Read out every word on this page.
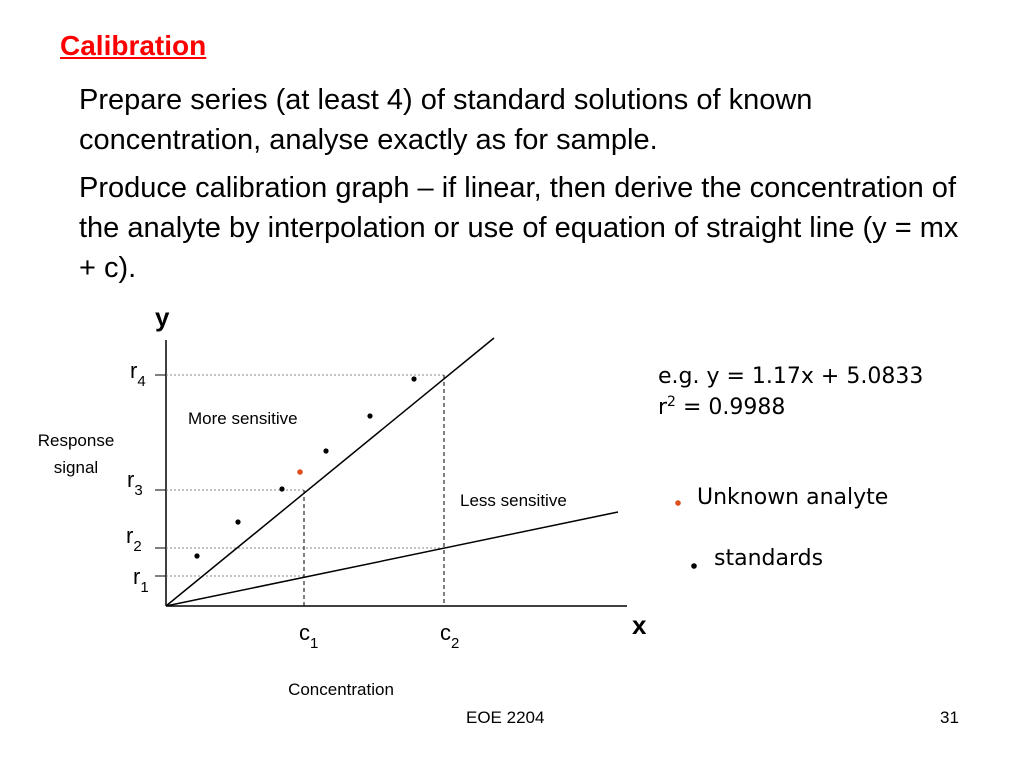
Calibration
Prepare series (at least 4) of standard solutions of known concentration, analyse exactly as for sample.
Produce calibration graph – if linear, then derive the concentration of the analyte by interpolation or use of equation of straight line (y = mx + c).
y
x
$r_4$
$r_3$
$r_2$
$r_1$
$c_1$	$c_2$
Response
signal
Concentration
More sensitive
Less sensitive
e.g. y = 1.17x + 5.0833
$r^2 = 0.9988$
Unknown analyte
standards
EOE 2204	31
